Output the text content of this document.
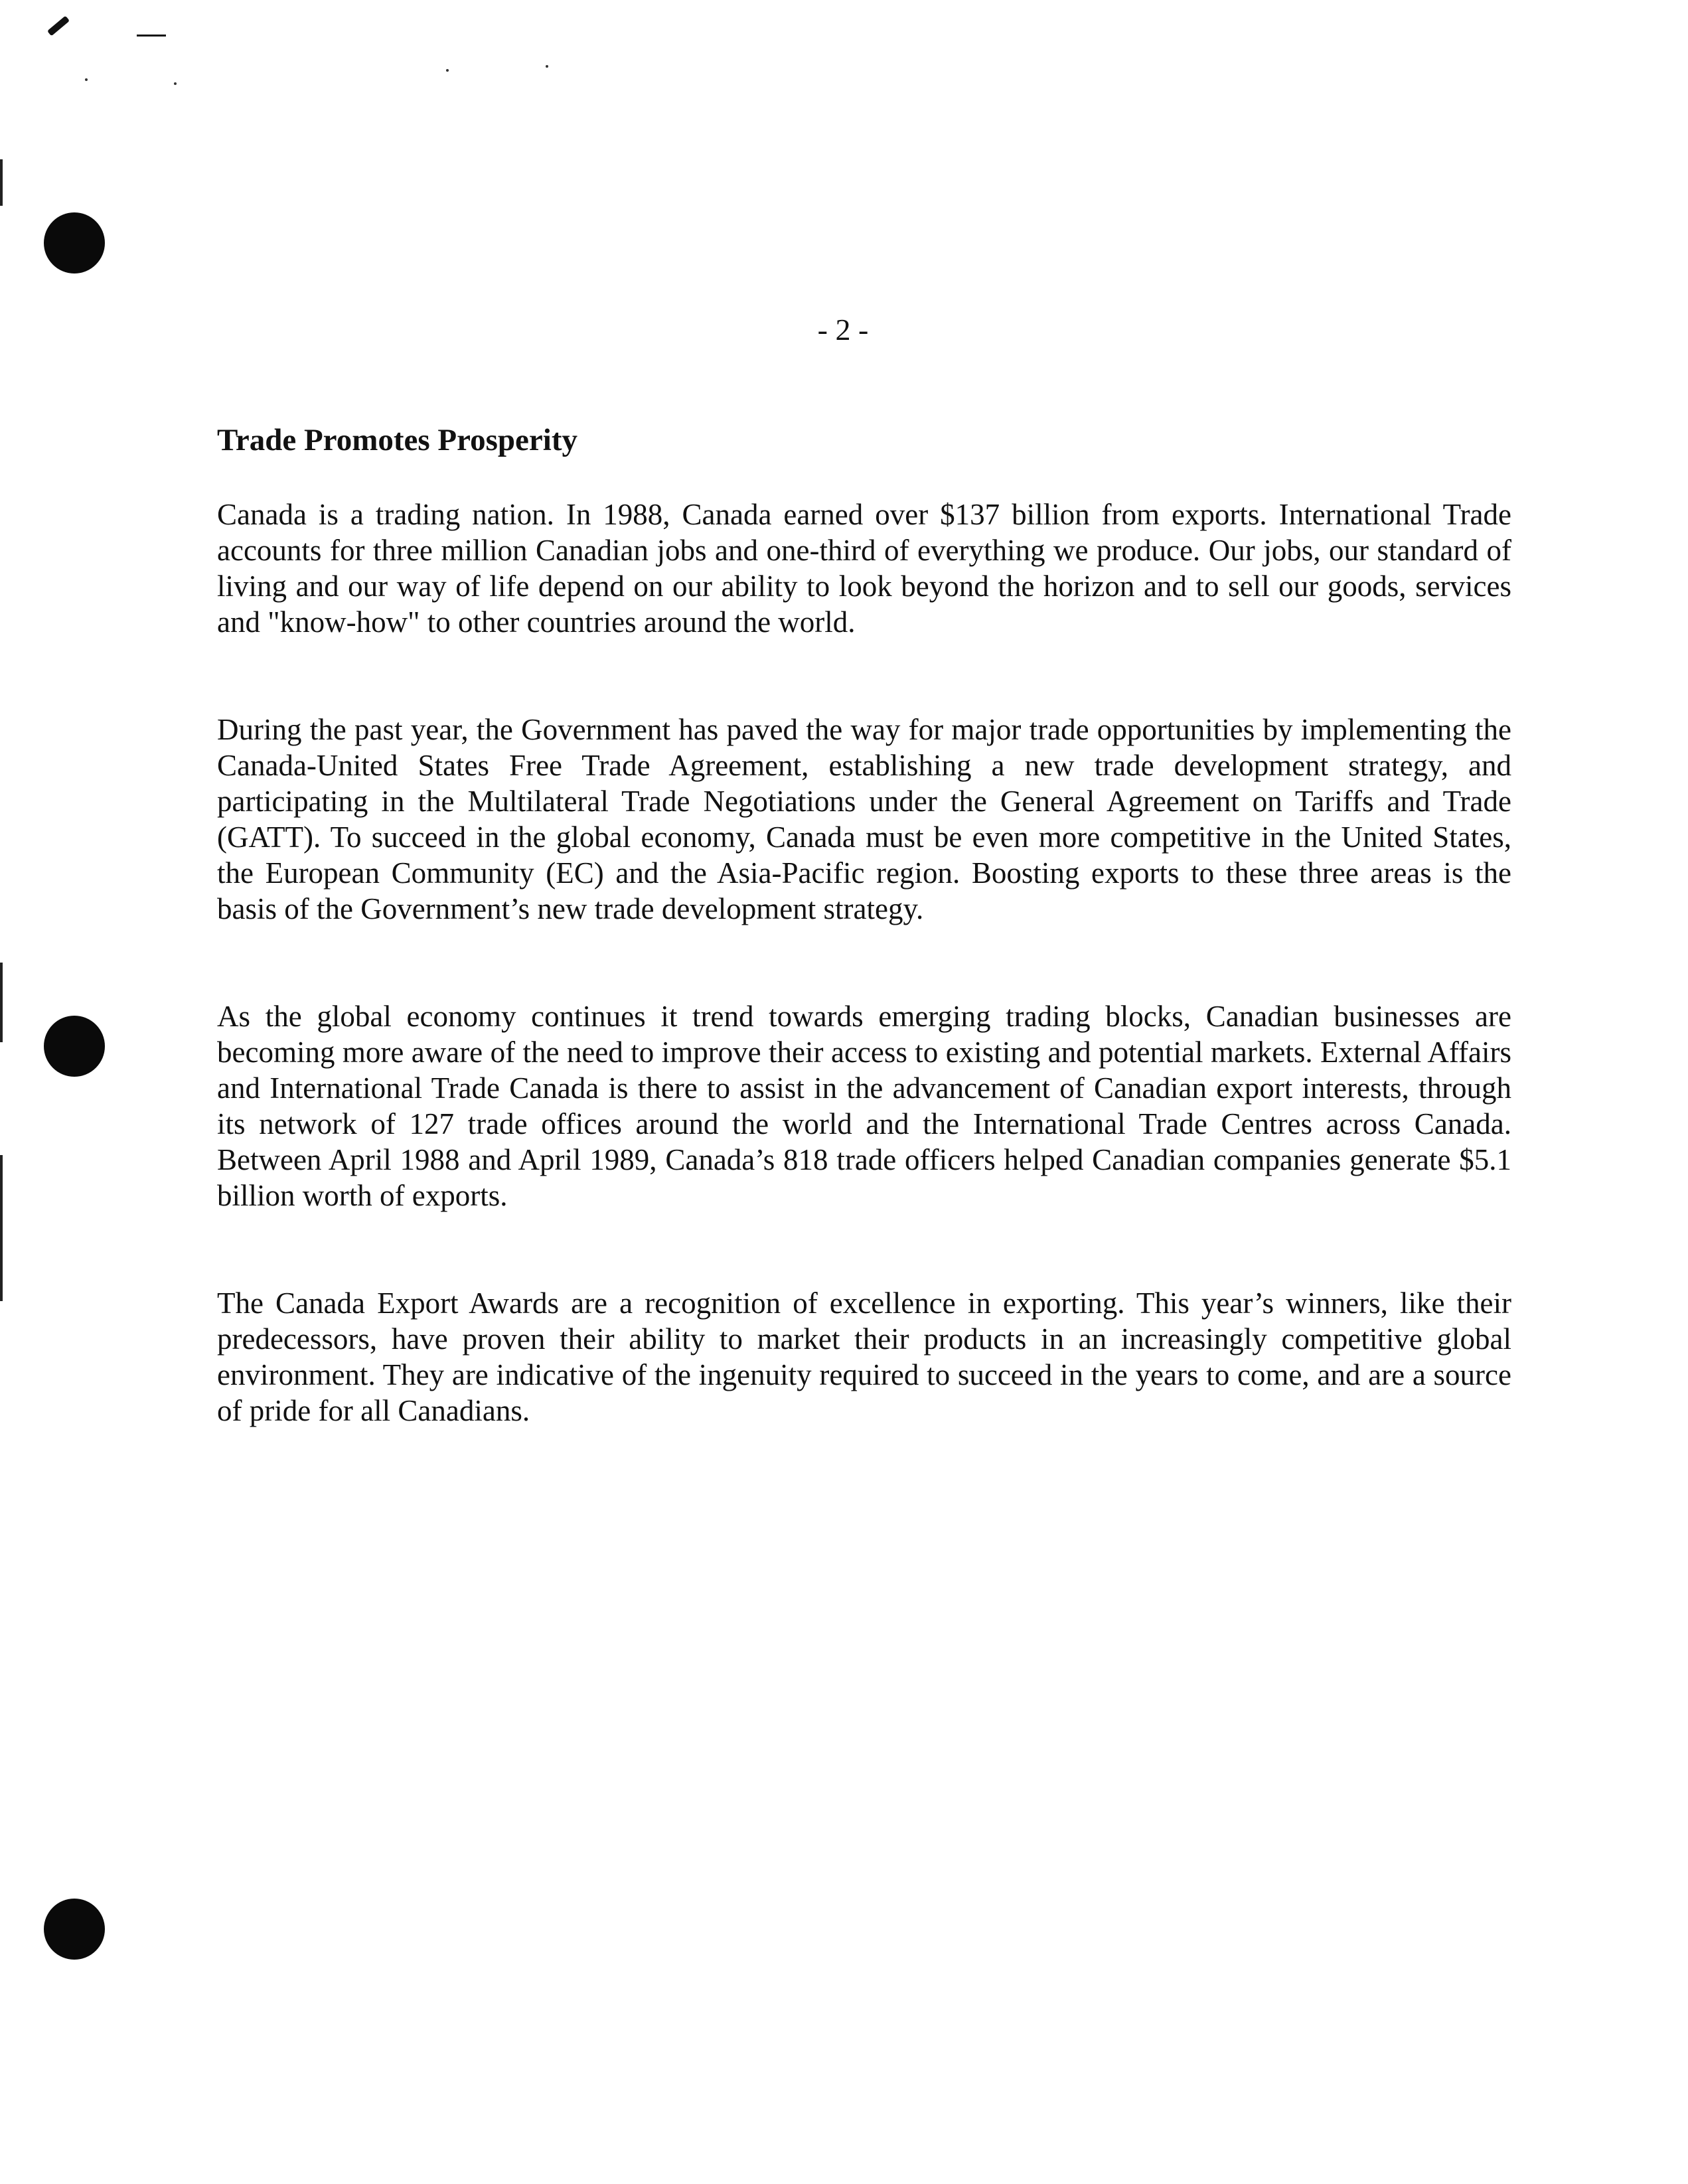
- 2 -
Trade Promotes Prosperity

Canada is a trading nation. In 1988, Canada earned over $137 billion from exports. International Trade accounts for three million Canadian jobs and one-third of everything we produce. Our jobs, our standard of living and our way of life depend on our ability to look beyond the horizon and to sell our goods, services and "know-how" to other countries around the world.

During the past year, the Government has paved the way for major trade opportunities by implementing the Canada-United States Free Trade Agreement, establishing a new trade development strategy, and participating in the Multilateral Trade Negotiations under the General Agreement on Tariffs and Trade (GATT). To succeed in the global economy, Canada must be even more competitive in the United States, the European Community (EC) and the Asia-Pacific region. Boosting exports to these three areas is the basis of the Government’s new trade development strategy.

As the global economy continues it trend towards emerging trading blocks, Canadian businesses are becoming more aware of the need to improve their access to existing and potential markets. External Affairs and International Trade Canada is there to assist in the advancement of Canadian export interests, through its network of 127 trade offices around the world and the International Trade Centres across Canada. Between April 1988 and April 1989, Canada’s 818 trade officers helped Canadian companies generate $5.1 billion worth of exports.

The Canada Export Awards are a recognition of excellence in exporting. This year’s winners, like their predecessors, have proven their ability to market their products in an increasingly competitive global environment. They are indicative of the ingenuity required to succeed in the years to come, and are a source of pride for all Canadians.
